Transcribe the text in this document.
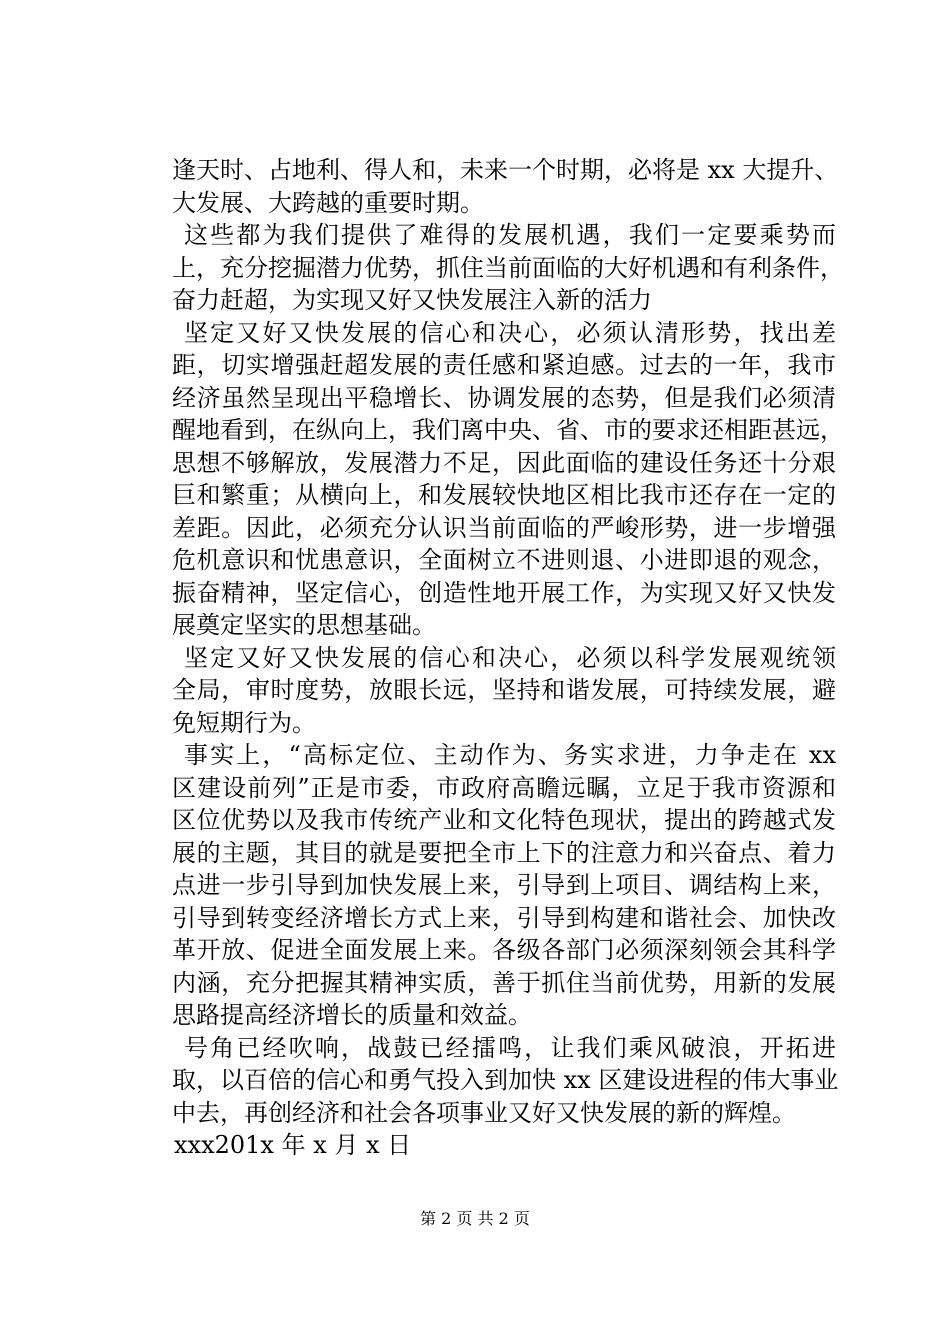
逢天时、占地利、得人和，未来一个时期，必将是 xx 大提升、
大发展、大跨越的重要时期。
这些都为我们提供了难得的发展机遇，我们一定要乘势而
上，充分挖掘潜力优势，抓住当前面临的大好机遇和有利条件，
奋力赶超，为实现又好又快发展注入新的活力
坚定又好又快发展的信心和决心，必须认清形势，找出差
距，切实增强赶超发展的责任感和紧迫感。过去的一年，我市
经济虽然呈现出平稳增长、协调发展的态势，但是我们必须清
醒地看到，在纵向上，我们离中央、省、市的要求还相距甚远，
思想不够解放，发展潜力不足，因此面临的建设任务还十分艰
巨和繁重；从横向上，和发展较快地区相比我市还存在一定的
差距。因此，必须充分认识当前面临的严峻形势，进一步增强
危机意识和忧患意识，全面树立不进则退、小进即退的观念，
振奋精神，坚定信心，创造性地开展工作，为实现又好又快发
展奠定坚实的思想基础。
坚定又好又快发展的信心和决心，必须以科学发展观统领
全局，审时度势，放眼长远，坚持和谐发展，可持续发展，避
免短期行为。
事实上，“高标定位、主动作为、务实求进，力争走在 xx
区建设前列”正是市委，市政府高瞻远瞩，立足于我市资源和
区位优势以及我市传统产业和文化特色现状，提出的跨越式发
展的主题，其目的就是要把全市上下的注意力和兴奋点、着力
点进一步引导到加快发展上来，引导到上项目、调结构上来，
引导到转变经济增长方式上来，引导到构建和谐社会、加快改
革开放、促进全面发展上来。各级各部门必须深刻领会其科学
内涵，充分把握其精神实质，善于抓住当前优势，用新的发展
思路提高经济增长的质量和效益。
号角已经吹响，战鼓已经擂鸣，让我们乘风破浪，开拓进
取，以百倍的信心和勇气投入到加快 xx 区建设进程的伟大事业
中去，再创经济和社会各项事业又好又快发展的新的辉煌。
xxx201x 年 x 月 x 日
第 2 页 共 2 页
